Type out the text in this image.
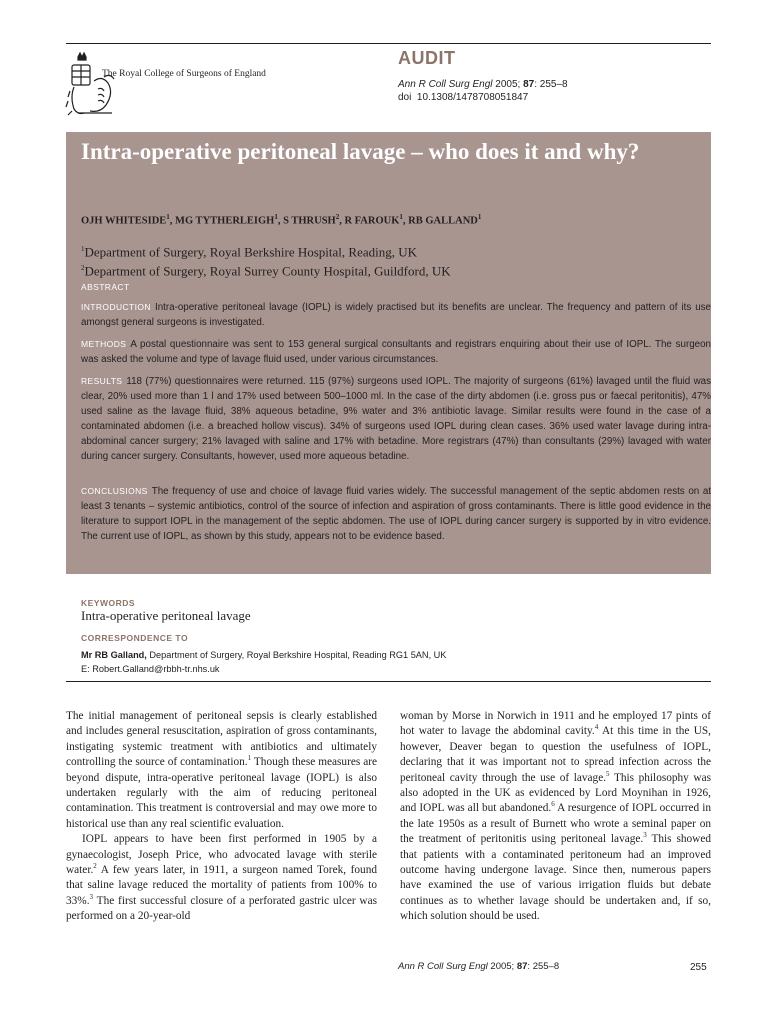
The Royal College of Surgeons of England
AUDIT
Ann R Coll Surg Engl 2005; 87: 255–8
doi 10.1308/1478708051847
Intra-operative peritoneal lavage – who does it and why?
OJH WHITESIDE$^1$, MG TYTHERLEIGH$^1$, S THRUSH$^2$, R FAROUK$^1$, RB GALLAND$^1$
$^1$Department of Surgery, Royal Berkshire Hospital, Reading, UK
$^2$Department of Surgery, Royal Surrey County Hospital, Guildford, UK
ABSTRACT
INTRODUCTION Intra-operative peritoneal lavage (IOPL) is widely practised but its benefits are unclear. The frequency and pattern of its use amongst general surgeons is investigated.
METHODS A postal questionnaire was sent to 153 general surgical consultants and registrars enquiring about their use of IOPL. The surgeon was asked the volume and type of lavage fluid used, under various circumstances.
RESULTS 118 (77%) questionnaires were returned. 115 (97%) surgeons used IOPL. The majority of surgeons (61%) lavaged until the fluid was clear, 20% used more than 1 l and 17% used between 500–1000 ml. In the case of the dirty abdomen (i.e. gross pus or faecal peritonitis), 47% used saline as the lavage fluid, 38% aqueous betadine, 9% water and 3% antibiotic lavage. Similar results were found in the case of a contaminated abdomen (i.e. a breached hollow viscus). 34% of surgeons used IOPL during clean cases. 36% used water lavage during intra-abdominal cancer surgery; 21% lavaged with saline and 17% with betadine. More registrars (47%) than consultants (29%) lavaged with water during cancer surgery. Consultants, however, used more aqueous betadine.
CONCLUSIONS The frequency of use and choice of lavage fluid varies widely. The successful management of the septic abdomen rests on at least 3 tenants – systemic antibiotics, control of the source of infection and aspiration of gross contaminants. There is little good evidence in the literature to support IOPL in the management of the septic abdomen. The use of IOPL during cancer surgery is supported by in vitro evidence. The current use of IOPL, as shown by this study, appears not to be evidence based.
KEYWORDS
Intra-operative peritoneal lavage
CORRESPONDENCE TO
Mr RB Galland, Department of Surgery, Royal Berkshire Hospital, Reading RG1 5AN, UK
E: Robert.Galland@rbbh-tr.nhs.uk

The initial management of peritoneal sepsis is clearly established and includes general resuscitation, aspiration of gross contaminants, instigating systemic treatment with antibiotics and ultimately controlling the source of contamination.$^1$ Though these measures are beyond dispute, intra-operative peritoneal lavage (IOPL) is also undertaken regularly with the aim of reducing peritoneal contamination. This treatment is controversial and may owe more to historical use than any real scientific evaluation.

IOPL appears to have been first performed in 1905 by a gynaecologist, Joseph Price, who advocated lavage with sterile water.$^2$ A few years later, in 1911, a surgeon named Torek, found that saline lavage reduced the mortality of patients from 100% to 33%.$^3$ The first successful closure of a perforated gastric ulcer was performed on a 20-year-old

woman by Morse in Norwich in 1911 and he employed 17 pints of hot water to lavage the abdominal cavity.$^4$ At this time in the US, however, Deaver began to question the usefulness of IOPL, declaring that it was important not to spread infection across the peritoneal cavity through the use of lavage.$^5$ This philosophy was also adopted in the UK as evidenced by Lord Moynihan in 1926, and IOPL was all but abandoned.$^6$ A resurgence of IOPL occurred in the late 1950s as a result of Burnett who wrote a seminal paper on the treatment of peritonitis using peritoneal lavage.$^3$ This showed that patients with a contaminated peritoneum had an improved outcome having undergone lavage. Since then, numerous papers have examined the use of various irrigation fluids but debate continues as to whether lavage should be undertaken and, if so, which solution should be used.

Ann R Coll Surg Engl 2005; 87: 255–8	255
